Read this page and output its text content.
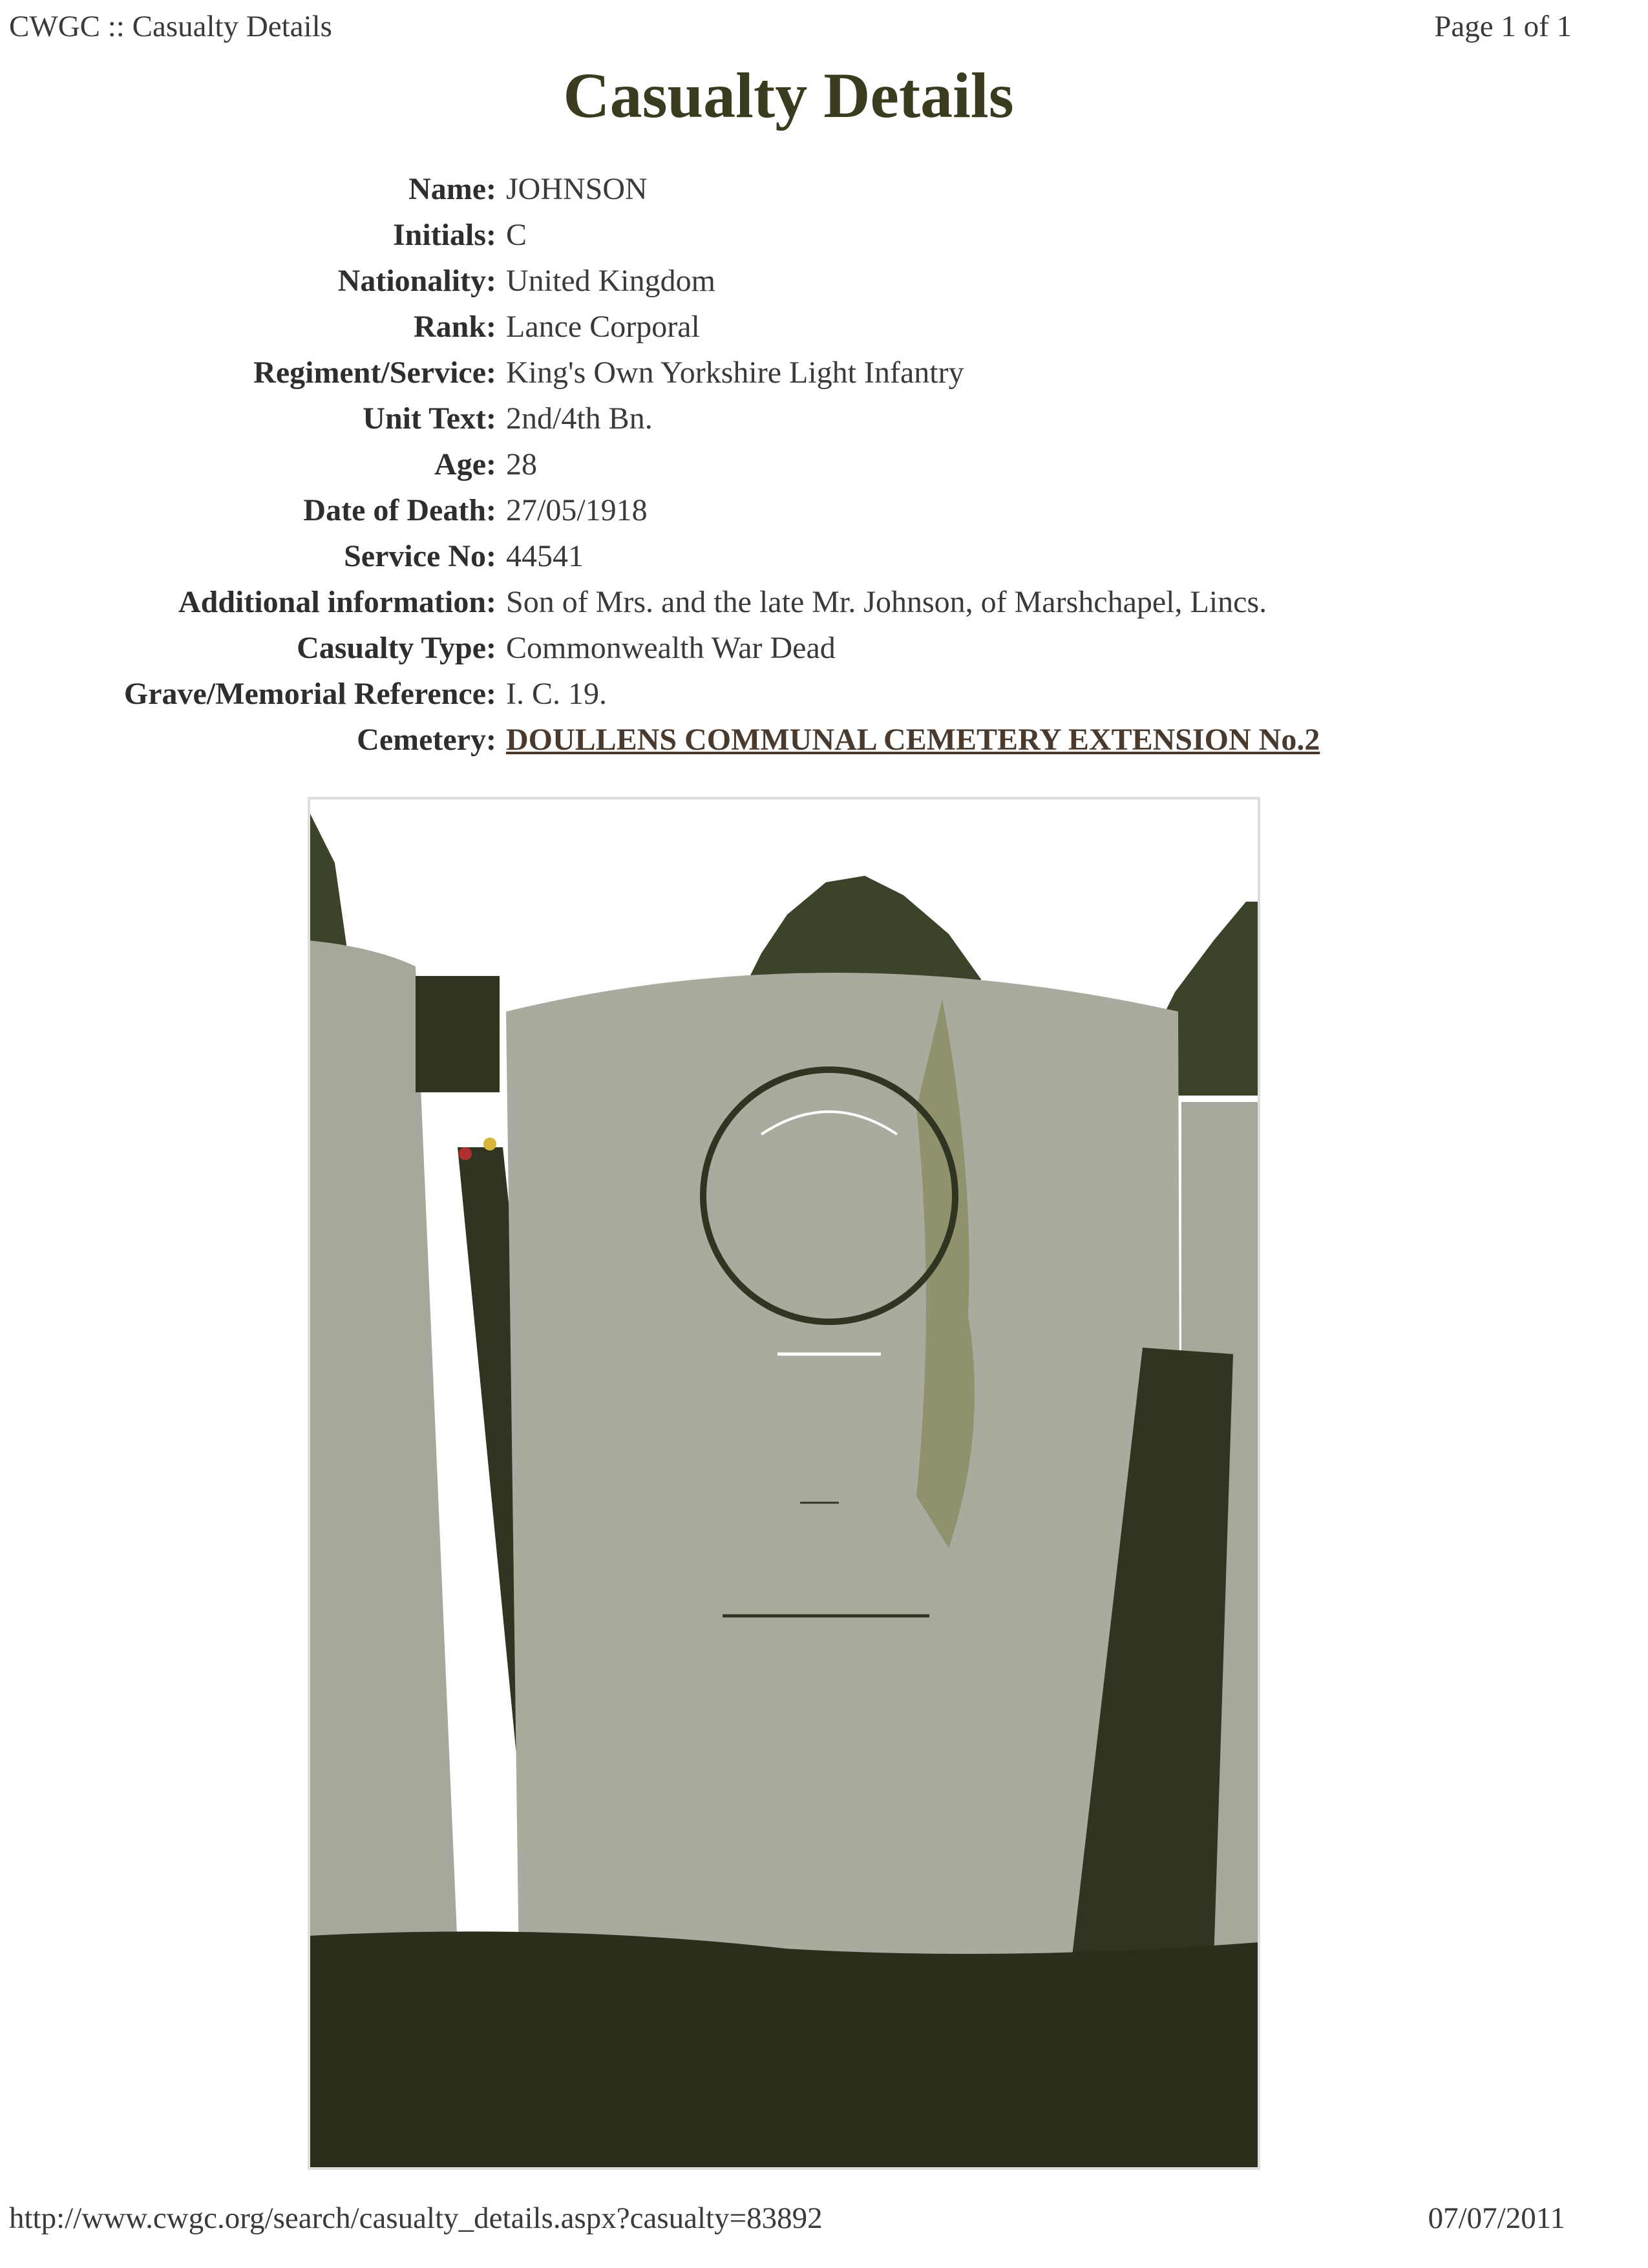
CWGC :: Casualty Details	Page 1 of 1
Casualty Details
Name: JOHNSON
Initials: C
Nationality: United Kingdom
Rank: Lance Corporal
Regiment/Service: King's Own Yorkshire Light Infantry
Unit Text: 2nd/4th Bn.
Age: 28
Date of Death: 27/05/1918
Service No: 44541
Additional information: Son of Mrs. and the late Mr. Johnson, of Marshchapel, Lincs.
Casualty Type: Commonwealth War Dead
Grave/Memorial Reference: I. C. 19.
Cemetery: DOULLENS COMMUNAL CEMETERY EXTENSION No.2
http://www.cwgc.org/search/casualty_details.aspx?casualty=83892	07/07/2011
